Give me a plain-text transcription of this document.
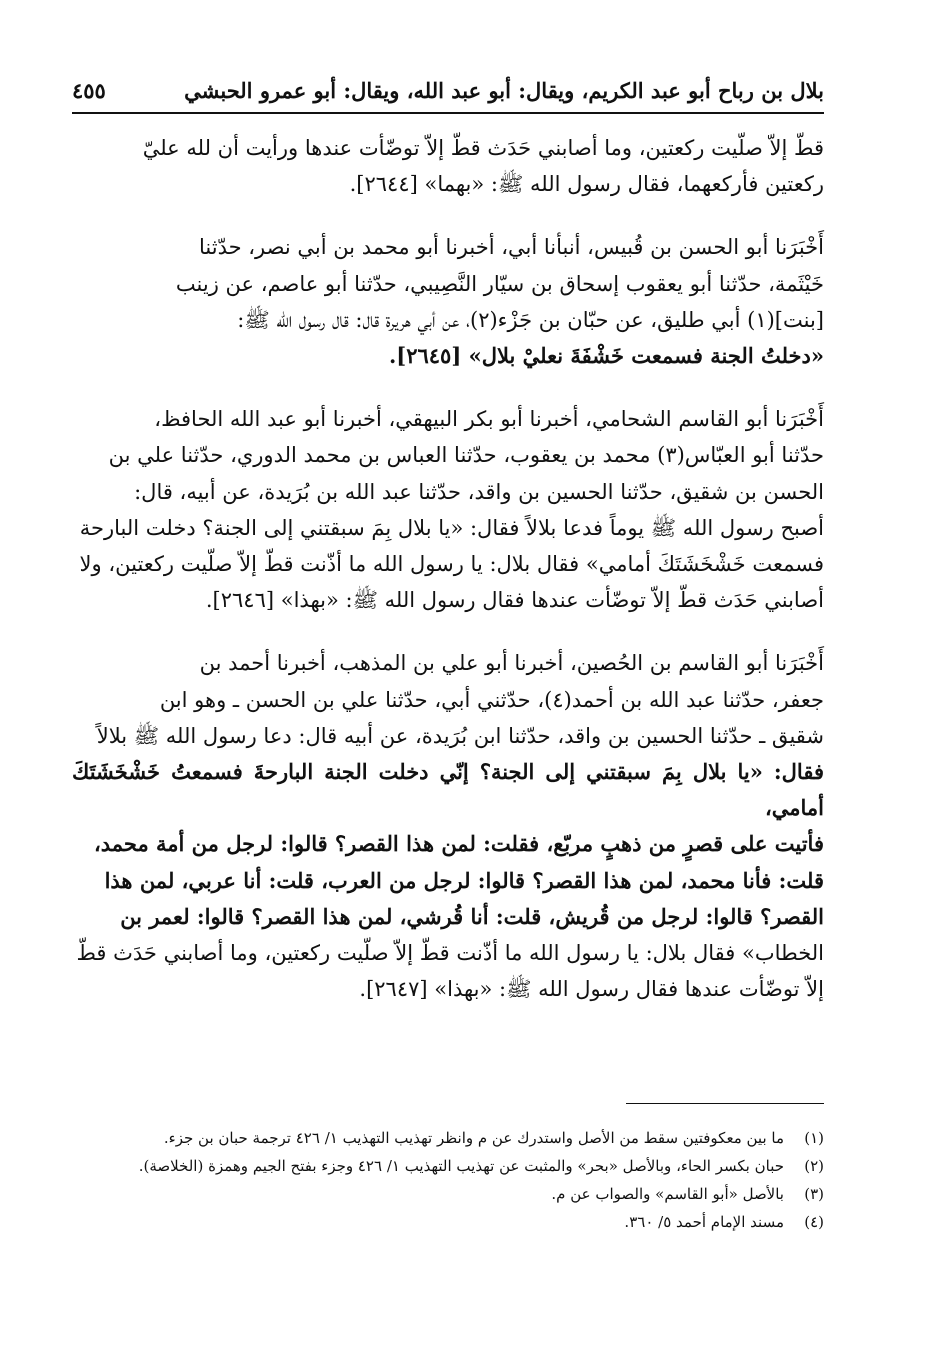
بلال بن رباح أبو عبد الكريم، ويقال: أبو عبد الله، ويقال: أبو عمرو الحبشي
٤٥٥

قطّ إلاّ صلّيت ركعتين، وما أصابني حَدَث قطّ إلاّ توضّأت عندها ورأيت أن لله عليّ

ركعتين فأركعهما، فقال رسول الله ﷺ: «بهما» [٢٦٤٤].

أَخْبَرَنا أبو الحسن بن قُبيس، أنبأنا أبي، أخبرنا أبو محمد بن أبي نصر، حدّثنا

خَيْثَمة، حدّثنا أبو يعقوب إسحاق بن سيّار النَّصِيبي، حدّثنا أبو عاصم، عن زينب

[بنت](١) أبي طليق، عن حبّان بن جَزْء(٢)، عن أبي هريرة قال: قال رسول الله ﷺ:

«دخلتُ الجنة فسمعت خَشْفَةَ نعليْ بلال» [٢٦٤٥].

أَخْبَرَنا أبو القاسم الشحامي، أخبرنا أبو بكر البيهقي، أخبرنا أبو عبد الله الحافظ،

حدّثنا أبو العبّاس(٣) محمد بن يعقوب، حدّثنا العباس بن محمد الدوري، حدّثنا علي بن

الحسن بن شقيق، حدّثنا الحسين بن واقد، حدّثنا عبد الله بن بُرَيدة، عن أبيه، قال:

أصبح رسول الله ﷺ يوماً فدعا بلالاً فقال: «يا بلال بِمَ سبقتني إلى الجنة؟ دخلت البارحة

فسمعت خَشْخَشَتَكَ أمامي» فقال بلال: يا رسول الله ما أذّنت قطّ إلاّ صلّيت ركعتين، ولا

أصابني حَدَث قطّ إلاّ توضّأت عندها فقال رسول الله ﷺ: «بهذا» [٢٦٤٦].

أَخْبَرَنا أبو القاسم بن الحُصين، أخبرنا أبو علي بن المذهب، أخبرنا أحمد بن

جعفر، حدّثنا عبد الله بن أحمد(٤)، حدّثني أبي، حدّثنا علي بن الحسن ـ وهو ابن

شقيق ـ حدّثنا الحسين بن واقد، حدّثنا ابن بُرَيدة، عن أبيه قال: دعا رسول الله ﷺ بلالاً

فقال: «يا بلال بِمَ سبقتني إلى الجنة؟ إنّي دخلت الجنة البارحةَ فسمعتُ خَشْخَشَتَكَ أمامي،

فأتيت على قصرٍ من ذهبٍ مربّع، فقلت: لمن هذا القصر؟ قالوا: لرجل من أمة محمد،

قلت: فأنا محمد، لمن هذا القصر؟ قالوا: لرجل من العرب، قلت: أنا عربي، لمن هذا

القصر؟ قالوا: لرجل من قُريش، قلت: أنا قُرشي، لمن هذا القصر؟ قالوا: لعمر بن

الخطاب» فقال بلال: يا رسول الله ما أذّنت قطّ إلاّ صلّيت ركعتين، وما أصابني حَدَث قطّ

إلاّ توضّأت عندها فقال رسول الله ﷺ: «بهذا» [٢٦٤٧].

(١)
ما بين معكوفتين سقط من الأصل واستدرك عن م وانظر تهذيب التهذيب ١/ ٤٢٦ ترجمة حبان بن جزء.
(٢)
حبان بكسر الحاء، وبالأصل «بحر» والمثبت عن تهذيب التهذيب ١/ ٤٢٦ وجزء بفتح الجيم وهمزة (الخلاصة).
(٣)
بالأصل «أبو القاسم» والصواب عن م.
(٤)
مسند الإمام أحمد ٥/ ٣٦٠.
